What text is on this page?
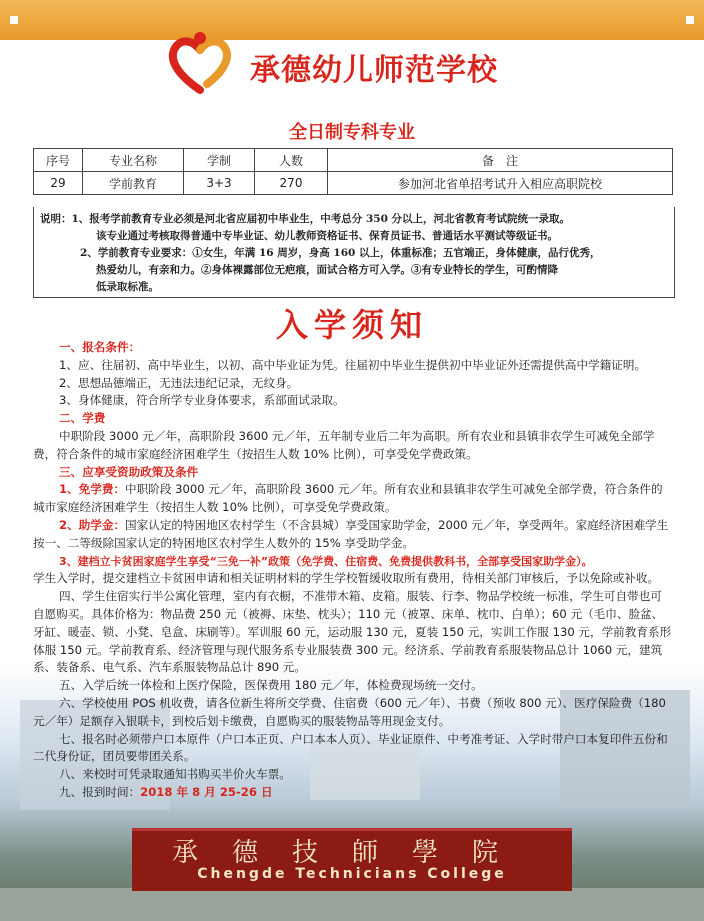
承德幼儿师范学校
全日制专科专业
序号	专业名称	学制	人数	备　注
29	学前教育	3+3	270	参加河北省单招考试升入相应高职院校

说明：1、报考学前教育专业必须是河北省应届初中毕业生，中考总分 350 分以上，河北省教育考试院统一录取。

该专业通过考核取得普通中专毕业证、幼儿教师资格证书、保育员证书、普通话水平测试等级证书。

2、学前教育专业要求：①女生，年满 16 周岁，身高 160 以上，体重标准；五官端正，身体健康，品行优秀，

热爱幼儿，有亲和力。②身体裸露部位无疤痕，面试合格方可入学。③有专业特长的学生，可酌情降

低录取标准。

入学须知

一、报名条件：

1、应、往届初、高中毕业生，以初、高中毕业证为凭。往届初中毕业生提供初中毕业证外还需提供高中学籍证明。

2、思想品德端正，无违法违纪记录，无纹身。

3、身体健康，符合所学专业身体要求，系部面试录取。

二、学费

中职阶段 3000 元／年，高职阶段 3600 元／年，五年制专业后二年为高职。所有农业和县镇非农学生可减免全部学费，符合条件的城市家庭经济困难学生（按招生人数 10% 比例），可享受免学费政策。

三、应享受资助政策及条件

1、免学费：中职阶段 3000 元／年，高职阶段 3600 元／年。所有农业和县镇非农学生可减免全部学费，符合条件的城市家庭经济困难学生（按招生人数 10% 比例），可享受免学费政策。

2、助学金：国家认定的特困地区农村学生（不含县城）享受国家助学金，2000 元／年，享受两年。家庭经济困难学生按一、二等级除国家认定的特困地区农村学生人数外的 15% 享受助学金。

3、建档立卡贫困家庭学生享受“三免一补”政策（免学费、住宿费、免费提供教科书，全部享受国家助学金）。

学生入学时，提交建档立卡贫困申请和相关证明材料的学生学校暂缓收取所有费用，待相关部门审核后，予以免除或补收。

四、学生住宿实行半公寓化管理，室内有衣橱，不准带木箱、皮箱。服装、行李、物品学校统一标准，学生可自带也可自愿购买。具体价格为：物品费 250 元（被褥、床垫、枕头）；110 元（被罩、床单、枕巾、白单）；60 元（毛巾、脸盆、牙缸、暖壶、锁、小凳、皂盒、床刷等）。军训服 60 元，运动服 130 元，夏装 150 元，实训工作服 130 元，学前教育系形体服 150 元。学前教育系、经济管理与现代服务系专业服装费 300 元。经济系、学前教育系服装物品总计 1060 元，建筑系、装备系、电气系、汽车系服装物品总计 890 元。

五、入学后统一体检和上医疗保险，医保费用 180 元／年，体检费现场统一交付。

六、学校使用 POS 机收费，请各位新生将所交学费、住宿费（600 元／年）、书费（预收 800 元）、医疗保险费（180 元／年）足额存入银联卡，到校后划卡缴费，自愿购买的服装物品等用现金支付。

七、报名时必须带户口本原件（户口本正页、户口本本人页）、毕业证原件、中考准考证、入学时带户口本复印件五份和二代身份证，团员要带团关系。

八、来校时可凭录取通知书购买半价火车票。

九、报到时间：2018 年 8 月 25-26 日

承德技師學院
Chengde Technicians College
